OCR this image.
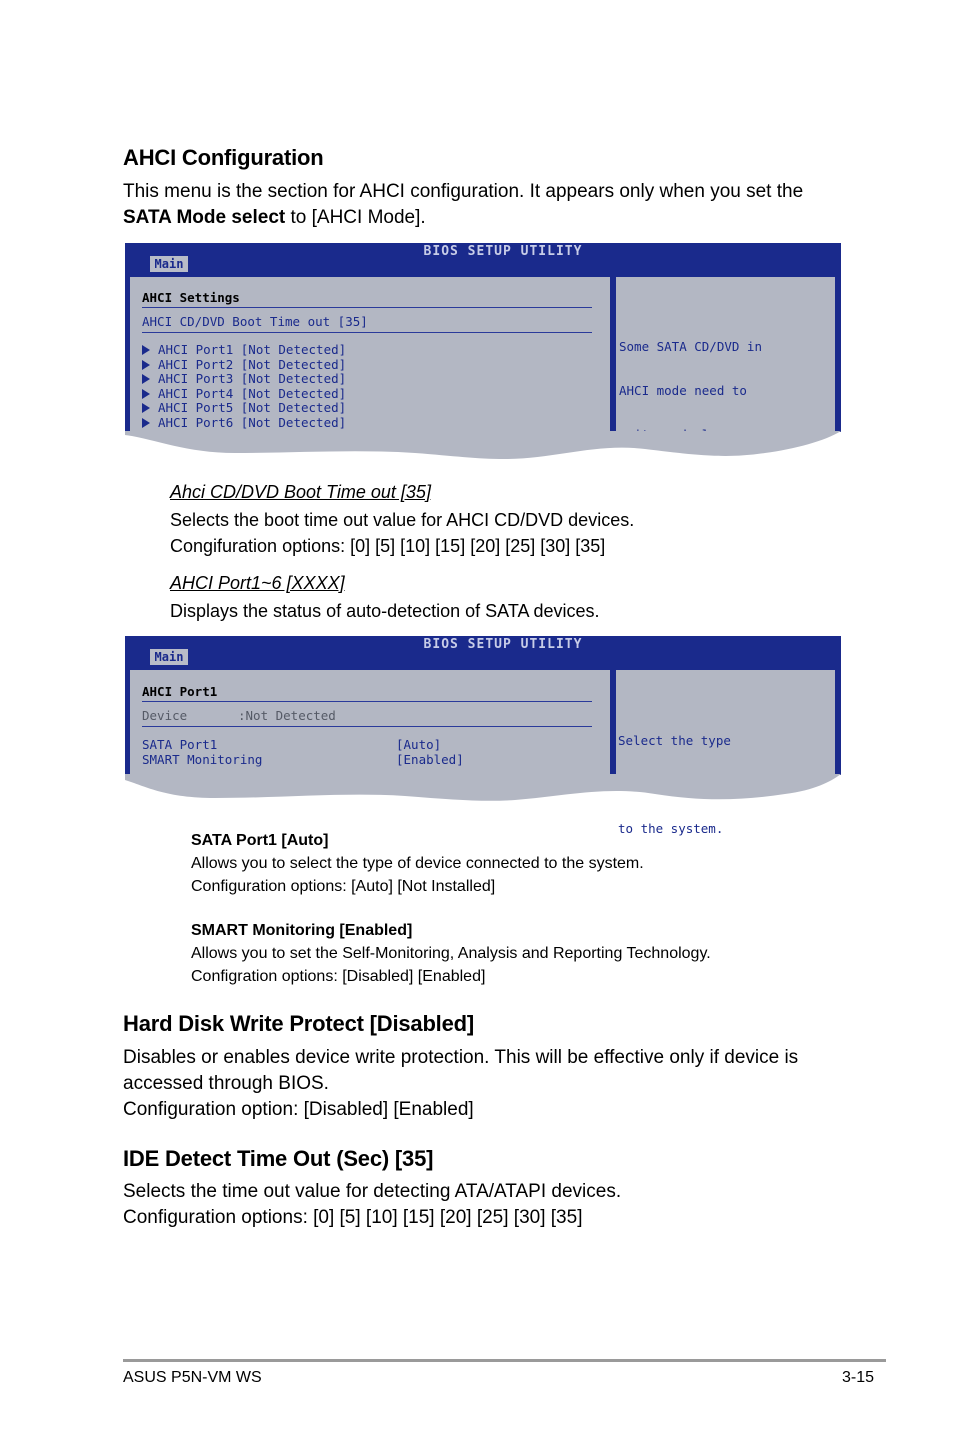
AHCI Configuration
This menu is the section for AHCI configuration. It appears only when you set the
SATA Mode select to [AHCI Mode].
BIOS SETUP UTILITY
Main
AHCI Settings
AHCI CD/DVD Boot Time out [35]
AHCI Port1 [Not Detected]
AHCI Port2 [Not Detected]
AHCI Port3 [Not Detected]
AHCI Port4 [Not Detected]
AHCI Port5 [Not Detected]
AHCI Port6 [Not Detected]

Some SATA CD/DVD in

AHCI mode need to

Ahci CD/DVD Boot Time out [35]
Selects the boot time out value for AHCI CD/DVD devices.
Congifuration options: [0] [5] [10] [15] [20] [25] [30] [35]
AHCI Port1~6 [XXXX]
Displays the status of auto-detection of SATA devices.
BIOS SETUP UTILITY
Main
AHCI Port1
Device	:Not Detected
SATA Port1	[Auto]
SMART Monitoring	[Enabled]

Select the type

to the system.

SATA Port1 [Auto]
Allows you to select the type of device connected to the system.
Configuration options: [Auto] [Not Installed]
SMART Monitoring [Enabled]
Allows you to set the Self-Monitoring, Analysis and Reporting Technology.
Configration options: [Disabled] [Enabled]
Hard Disk Write Protect [Disabled]
Disables or enables device write protection. This will be effective only if device is
accessed through BIOS.
Configuration option: [Disabled] [Enabled]
IDE Detect Time Out (Sec) [35]
Selects the time out value for detecting ATA/ATAPI devices.
Configuration options: [0] [5] [10] [15] [20] [25] [30] [35]
ASUS P5N-VM WS	3-15
